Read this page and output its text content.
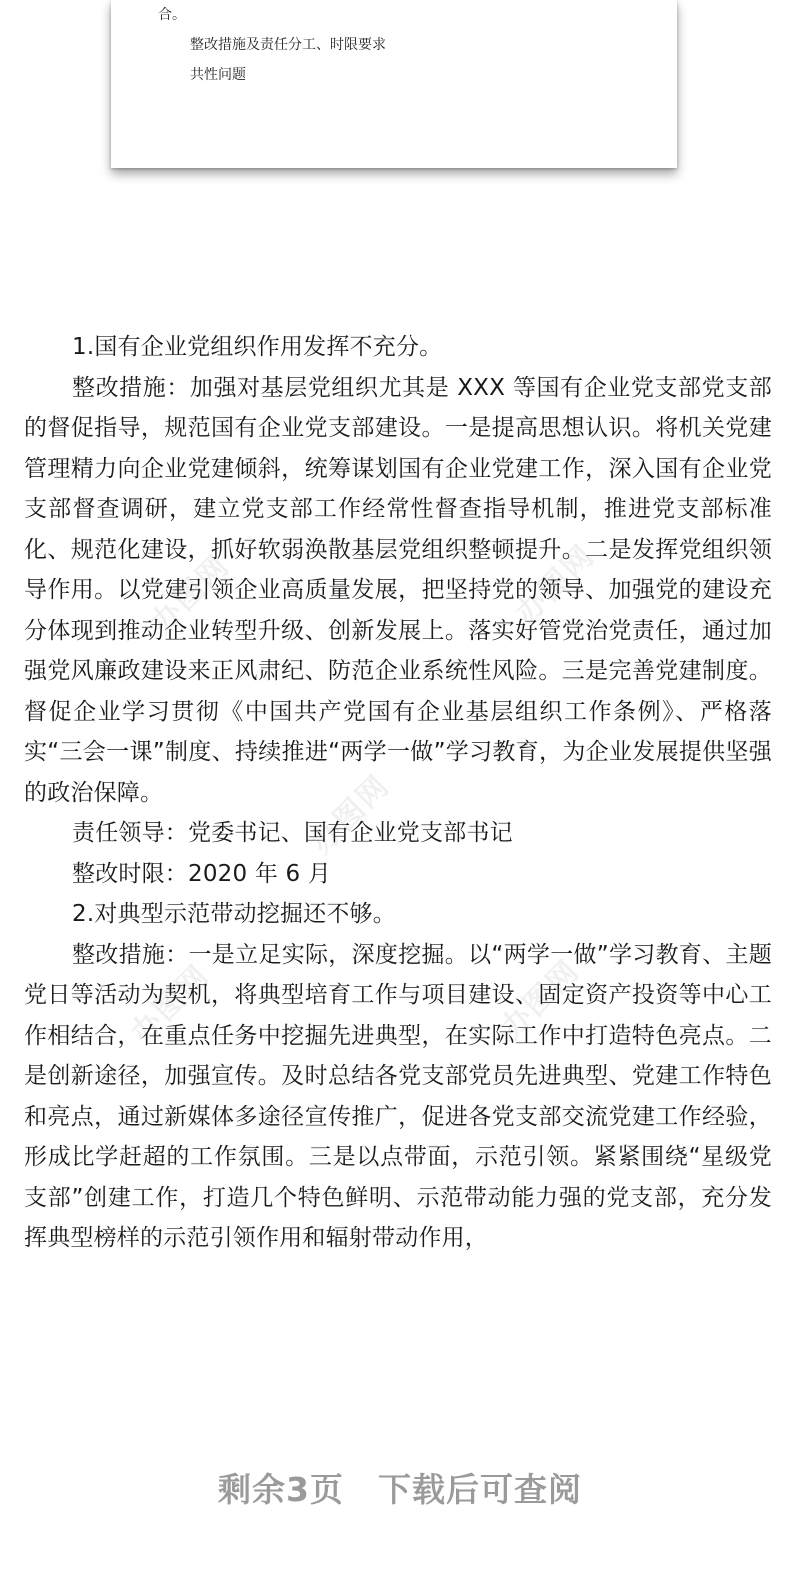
合。
整改措施及责任分工、时限要求
共性问题

1.国有企业党组织作用发挥不充分。

整改措施：加强对基层党组织尤其是 XXX 等国有企业党支部党支部的督促指导，规范国有企业党支部建设。一是提高思想认识。将机关党建管理精力向企业党建倾斜，统筹谋划国有企业党建工作，深入国有企业党支部督查调研，建立党支部工作经常性督查指导机制，推进党支部标准化、规范化建设，抓好软弱涣散基层党组织整顿提升。二是发挥党组织领导作用。以党建引领企业高质量发展，把坚持党的领导、加强党的建设充分体现到推动企业转型升级、创新发展上。落实好管党治党责任，通过加强党风廉政建设来正风肃纪、防范企业系统性风险。三是完善党建制度。督促企业学习贯彻《中国共产党国有企业基层组织工作条例》、严格落实“三会一课”制度、持续推进“两学一做”学习教育，为企业发展提供坚强的政治保障。

责任领导：党委书记、国有企业党支部书记

整改时限：2020 年 6 月

2.对典型示范带动挖掘还不够。

整改措施：一是立足实际，深度挖掘。以“两学一做”学习教育、主题党日等活动为契机，将典型培育工作与项目建设、固定资产投资等中心工作相结合，在重点任务中挖掘先进典型，在实际工作中打造特色亮点。二是创新途径，加强宣传。及时总结各党支部党员先进典型、党建工作特色和亮点，通过新媒体多途径宣传推广，促进各党支部交流党建工作经验，形成比学赶超的工作氛围。三是以点带面，示范引领。紧紧围绕“星级党支部”创建工作，打造几个特色鲜明、示范带动能力强的党支部，充分发挥典型榜样的示范引领作用和辐射带动作用，

办图网	办图网
办图网
办图网	办图网
剩余3页 下载后可查阅
